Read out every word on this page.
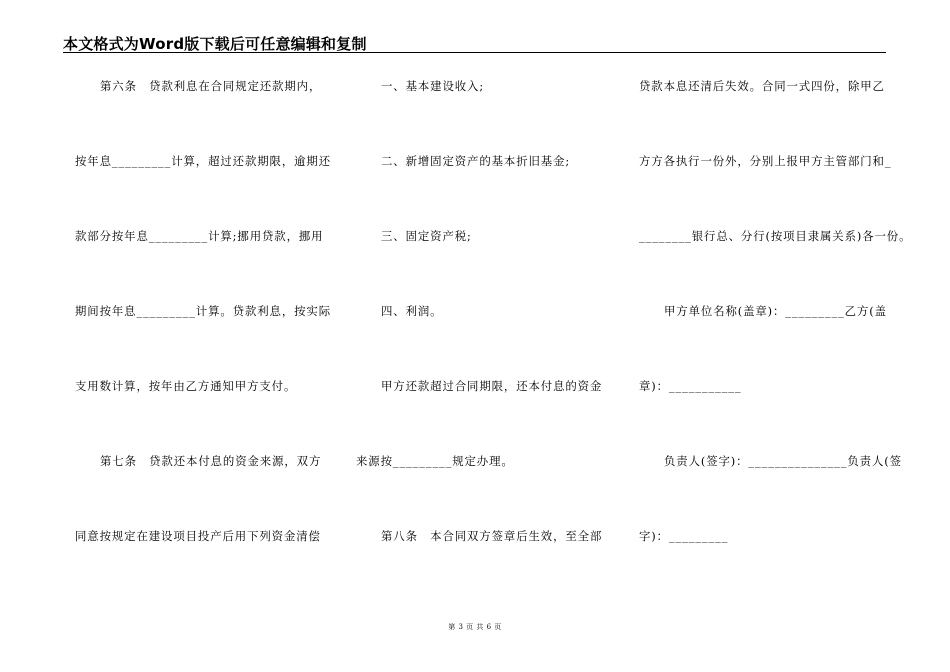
本文格式为Word版下载后可任意编辑和复制
第六条　贷款利息在合同规定还款期内，
按年息_________计算，超过还款期限，逾期还
款部分按年息_________计算;挪用贷款，挪用
期间按年息_________计算。贷款利息，按实际
支用数计算，按年由乙方通知甲方支付。
第七条　贷款还本付息的资金来源，双方
同意按规定在建设项目投产后用下列资金清偿
一、基本建设收入;
二、新增固定资产的基本折旧基金;
三、固定资产税;
四、利润。
甲方还款超过合同期限，还本付息的资金
来源按_________规定办理。
第八条　本合同双方签章后生效，至全部
贷款本息还清后失效。合同一式四份，除甲乙
方方各执行一份外，分别上报甲方主管部门和_
________银行总、分行(按项目隶属关系)各一份。
甲方单位名称(盖章)：_________乙方(盖
章)：___________
负责人(签字)：_______________负责人(签
字)：_________
第 3 页 共 6 页
